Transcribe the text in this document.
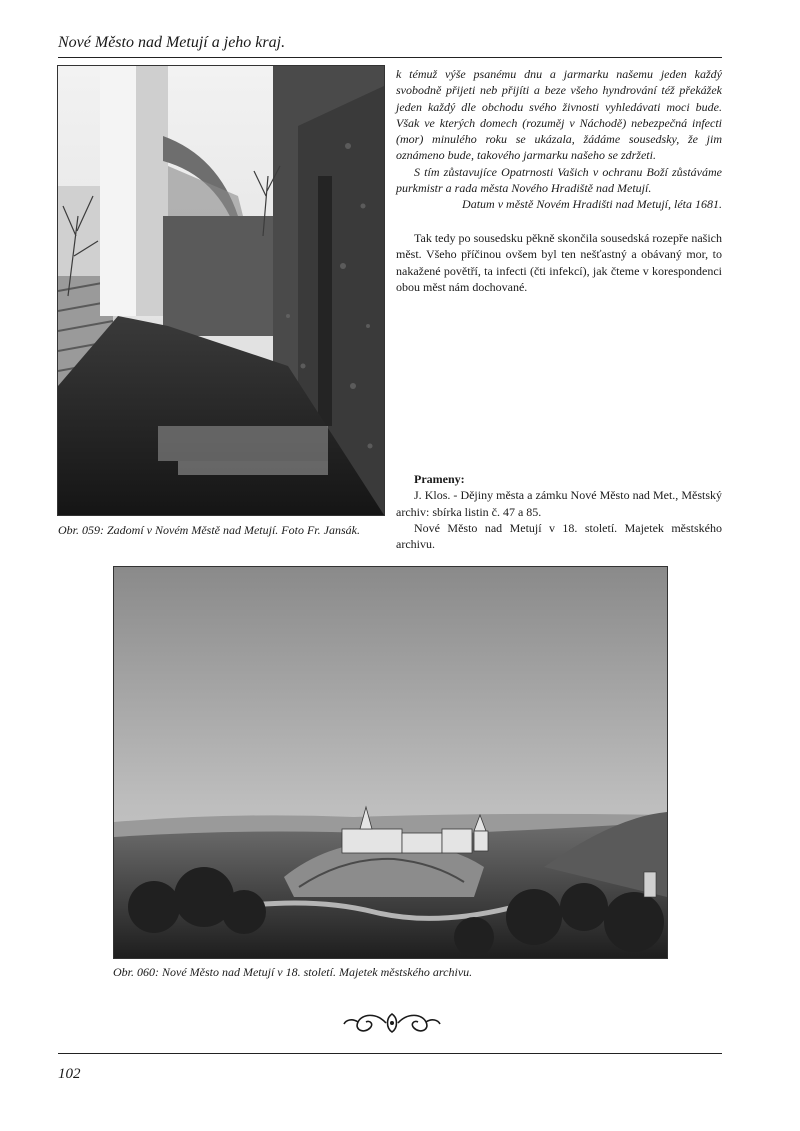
Nové Město nad Metují a jeho kraj.
Obr. 059: Zadomí v Novém Městě nad Metují. Foto Fr. Jansák.

k témuž výše psanému dnu a jarmarku našemu jeden každý svobodně přijeti neb přijíti a beze všeho hyndrování též překážek jeden každý dle obchodu svého živnosti vyhledávati moci bude. Však ve kterých domech (rozuměj v Náchodě) nebezpečná infecti (mor) minulého roku se ukázala, žádáme sousedsky, že jim oznámeno bude, takového jarmarku našeho se zdržeti.

S tím zůstavujíce Opatrnosti Vašich v ochranu Boží zůstáváme purkmistr a rada města Nového Hradiště nad Metují.

Datum v městě Novém Hradišti nad Metují, léta 1681.

Tak tedy po sousedsku pěkně skončila sousedská rozepře našich měst. Všeho příčinou ovšem byl ten nešťastný a obávaný mor, to nakažené povětří, ta infecti (čti infekcí), jak čteme v korespondenci obou měst nám dochované.

Prameny:

J. Klos. - Dějiny města a zámku Nové Město nad Met., Městský archiv: sbírka listin č. 47 a 85.

Nové Město nad Metují v 18. století. Majetek městského archivu.

Obr. 060: Nové Město nad Metují v 18. století. Majetek městského archivu.
102
